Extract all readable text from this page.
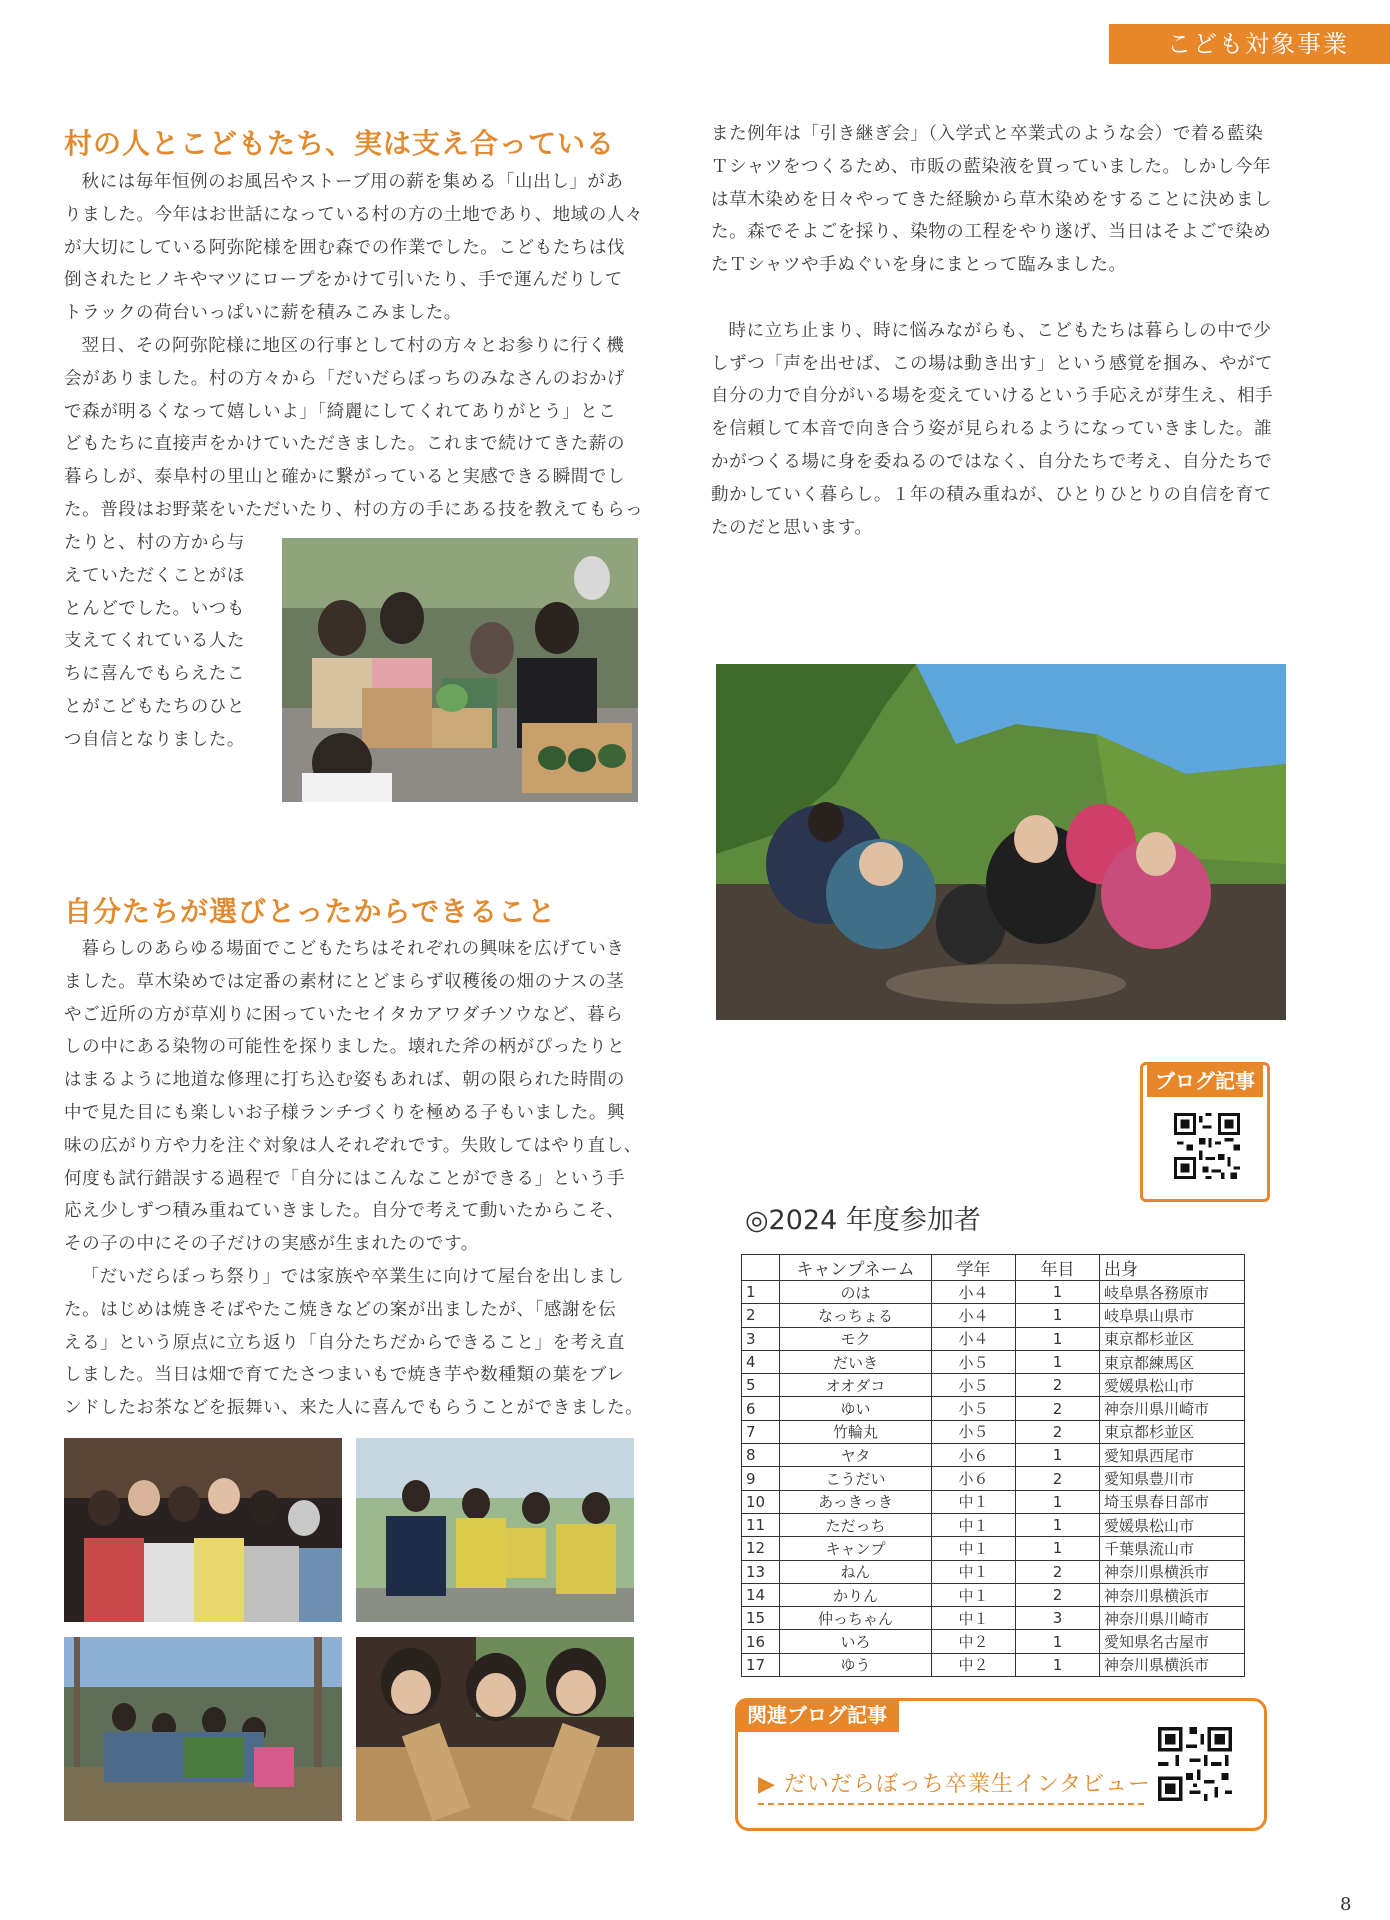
こども対象事業
村の人とこどもたち、実は支え合っている

秋には毎年恒例のお風呂やストーブ用の薪を集める「山出し」があ
りました。今年はお世話になっている村の方の土地であり、地域の人々
が大切にしている阿弥陀様を囲む森での作業でした。こどもたちは伐
倒されたヒノキやマツにロープをかけて引いたり、手で運んだりして
トラックの荷台いっぱいに薪を積みこみました。

翌日、その阿弥陀様に地区の行事として村の方々とお参りに行く機
会がありました。村の方々から「だいだらぼっちのみなさんのおかげ
で森が明るくなって嬉しいよ」「綺麗にしてくれてありがとう」とこ
どもたちに直接声をかけていただきました。これまで続けてきた薪の
暮らしが、泰阜村の里山と確かに繋がっていると実感できる瞬間でし
た。普段はお野菜をいただいたり、村の方の手にある技を教えてもらっ

たりと、村の方から与
えていただくことがほ
とんどでした。いつも
支えてくれている人た
ちに喜んでもらえたこ
とがこどもたちのひと
つ自信となりました。

自分たちが選びとったからできること

暮らしのあらゆる場面でこどもたちはそれぞれの興味を広げていき
ました。草木染めでは定番の素材にとどまらず収穫後の畑のナスの茎
やご近所の方が草刈りに困っていたセイタカアワダチソウなど、暮ら
しの中にある染物の可能性を探りました。壊れた斧の柄がぴったりと
はまるように地道な修理に打ち込む姿もあれば、朝の限られた時間の
中で見た目にも楽しいお子様ランチづくりを極める子もいました。興
味の広がり方や力を注ぐ対象は人それぞれです。失敗してはやり直し、
何度も試行錯誤する過程で「自分にはこんなことができる」という手
応え少しずつ積み重ねていきました。自分で考えて動いたからこそ、
その子の中にその子だけの実感が生まれたのです。

「だいだらぼっち祭り」では家族や卒業生に向けて屋台を出しまし
た。はじめは焼きそばやたこ焼きなどの案が出ましたが、「感謝を伝
える」という原点に立ち返り「自分たちだからできること」を考え直
しました。当日は畑で育てたさつまいもで焼き芋や数種類の葉をブレ
ンドしたお茶などを振舞い、来た人に喜んでもらうことができました。

また例年は「引き継ぎ会」（入学式と卒業式のような会）で着る藍染
Ｔシャツをつくるため、市販の藍染液を買っていました。しかし今年
は草木染めを日々やってきた経験から草木染めをすることに決めまし
た。森でそよごを採り、染物の工程をやり遂げ、当日はそよごで染め
たＴシャツや手ぬぐいを身にまとって臨みました。

時に立ち止まり、時に悩みながらも、こどもたちは暮らしの中で少
しずつ「声を出せば、この場は動き出す」という感覚を掴み、やがて
自分の力で自分がいる場を変えていけるという手応えが芽生え、相手
を信頼して本音で向き合う姿が見られるようになっていきました。誰
かがつくる場に身を委ねるのではなく、自分たちで考え、自分たちで
動かしていく暮らし。１年の積み重ねが、ひとりひとりの自信を育て
たのだと思います。

ブログ記事
◎2024 年度参加者
	キャンプネーム	学年	年目	出身
1	のは	小４	1	岐阜県各務原市
2	なっちょる	小４	1	岐阜県山県市
3	モク	小４	1	東京都杉並区
4	だいき	小５	1	東京都練馬区
5	オオダコ	小５	2	愛媛県松山市
6	ゆい	小５	2	神奈川県川崎市
7	竹輪丸	小５	2	東京都杉並区
8	ヤタ	小６	1	愛知県西尾市
9	こうだい	小６	2	愛知県豊川市
10	あっきっき	中１	1	埼玉県春日部市
11	ただっち	中１	1	愛媛県松山市
12	キャンプ	中１	1	千葉県流山市
13	ねん	中１	2	神奈川県横浜市
14	かりん	中１	2	神奈川県横浜市
15	仲っちゃん	中１	3	神奈川県川崎市
16	いろ	中２	1	愛知県名古屋市
17	ゆう	中２	1	神奈川県横浜市
関連ブログ記事
▶ だいだらぼっち卒業生インタビュー
8
